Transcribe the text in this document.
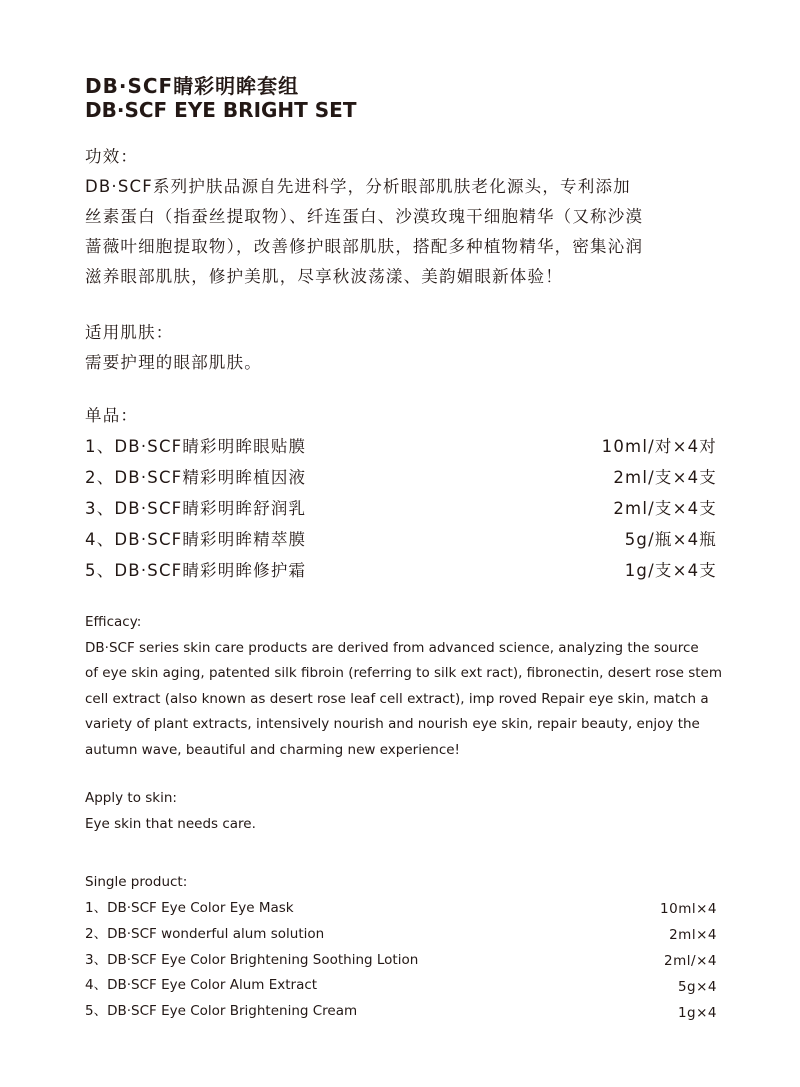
DB·SCF睛彩明眸套组
DB·SCF EYE BRIGHT SET
功效：
DB·SCF系列护肤品源自先进科学，分析眼部肌肤老化源头，专利添加
丝素蛋白（指蚕丝提取物）、纤连蛋白、沙漠玫瑰干细胞精华（又称沙漠
蔷薇叶细胞提取物），改善修护眼部肌肤，搭配多种植物精华，密集沁润
滋养眼部肌肤，修护美肌，尽享秋波荡漾、美韵媚眼新体验！
适用肌肤：
需要护理的眼部肌肤。
单品：
1、DB·SCF睛彩明眸眼贴膜	10ml/对×4对
2、DB·SCF精彩明眸植因液	2ml/支×4支
3、DB·SCF睛彩明眸舒润乳	2ml/支×4支
4、DB·SCF睛彩明眸精萃膜	5g/瓶×4瓶
5、DB·SCF睛彩明眸修护霜	1g/支×4支
Efficacy:
DB·SCF series skin care products are derived from advanced science, analyzing the source
of eye skin aging, patented silk fibroin (referring to silk ext ract), fibronectin, desert rose stem
cell extract (also known as desert rose leaf cell extract), imp roved Repair eye skin, match a
variety of plant extracts, intensively nourish and nourish eye skin, repair beauty, enjoy the
autumn wave, beautiful and charming new experience!
Apply to skin:
Eye skin that needs care.
Single product:
1、DB·SCF Eye Color Eye Mask	10ml×4
2、DB·SCF wonderful alum solution	2ml×4
3、DB·SCF Eye Color Brightening Soothing Lotion	2ml/×4
4、DB·SCF Eye Color Alum Extract	5g×4
5、DB·SCF Eye Color Brightening Cream	1g×4
